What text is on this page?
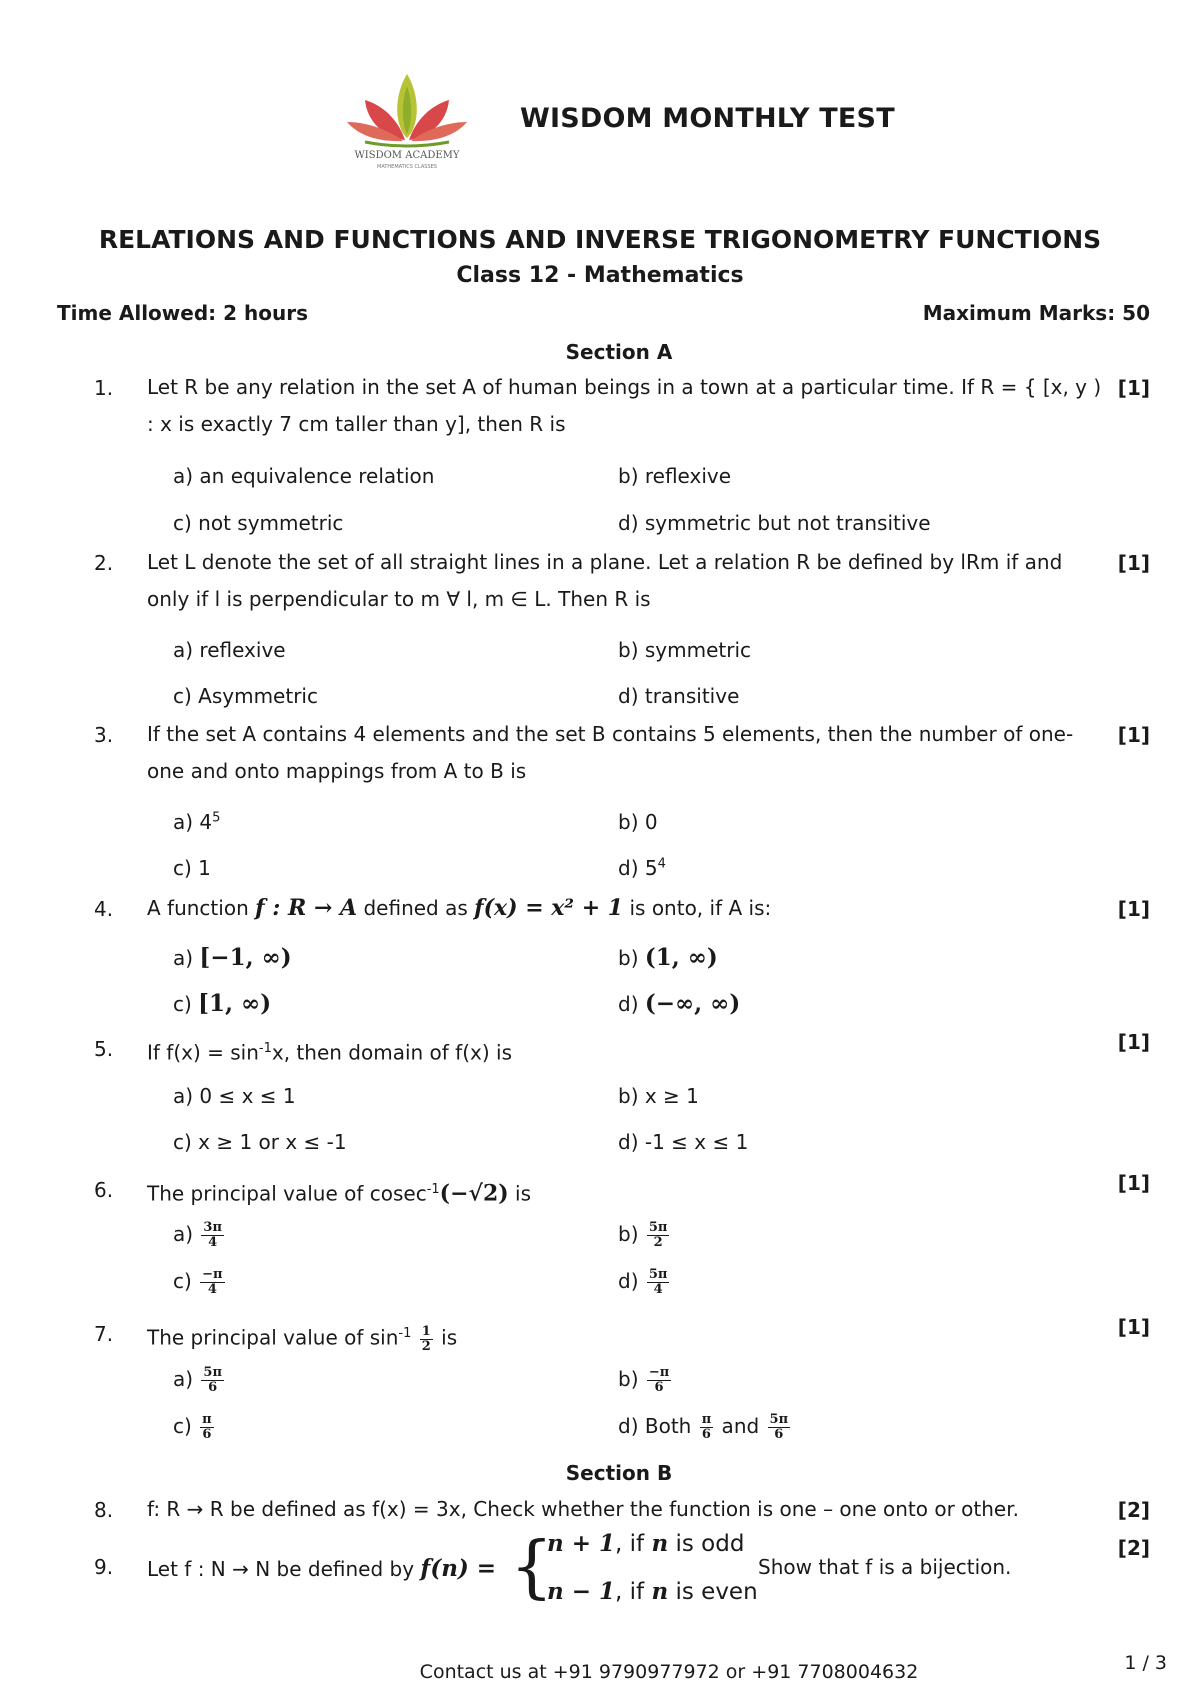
WISDOM ACADEMY
MATHEMATICS CLASSES
WISDOM MONTHLY TEST
RELATIONS AND FUNCTIONS AND INVERSE TRIGONOMETRY FUNCTIONS
Class 12 - Mathematics
Time Allowed: 2 hours	Maximum Marks: 50
Section A
1. Let R be any relation in the set A of human beings in a town at a particular time. If R = { [x, y ) : x is exactly 7 cm taller than y], then R is
[1]
a) an equivalence relation	b) reflexive
c) not symmetric	d) symmetric but not transitive
2. Let L denote the set of all straight lines in a plane. Let a relation R be defined by lRm if and only if l is perpendicular to m ∀ l, m ∈ L. Then R is
[1]
a) reflexive	b) symmetric
c) Asymmetric	d) transitive
3. If the set A contains 4 elements and the set B contains 5 elements, then the number of one-one and onto mappings from A to B is
[1]
a) $4^5$	b) 0
c) 1	d) $5^4$
4. A function f : R → A defined as f(x) = x² + 1 is onto, if A is:	[1]
a) [−1, ∞)	b) (1, ∞)
c) [1, ∞)	d) (−∞, ∞)
5. If $f(x) = \sin^{-1}x$, then domain of f(x) is	[1]
a) 0 ≤ x ≤ 1	b) x ≥ 1
c) x ≥ 1 or x ≤ -1	d) -1 ≤ x ≤ 1
6. The principal value of cosec$^{-1}$(−√2) is	[1]
$a) \frac{3\pi}{4}$	$b) \frac{5\pi}{2}$
$c) \frac{-\pi}{4}$	$d) \frac{5\pi}{4}$
7. The principal value of $\sin^{-1} \frac{1}{2}$ is	[1]
$a) \frac{5\pi}{6}$	$b) \frac{-\pi}{6}$
$c) \frac{\pi}{6}$	d) Both $\frac{\pi}{6}$ and $\frac{5\pi}{6}$
Section B
8. f: R → R be defined as f(x) = 3x, Check whether the function is one – one onto or other.	[2]
9. Let f : N → N be defined by f(n) = {
n + 1, if n is odd
n − 1, if n is even
Show that f is a bijection.
[2]
Contact us at +91 9790977972 or +91 7708004632	1 / 3
